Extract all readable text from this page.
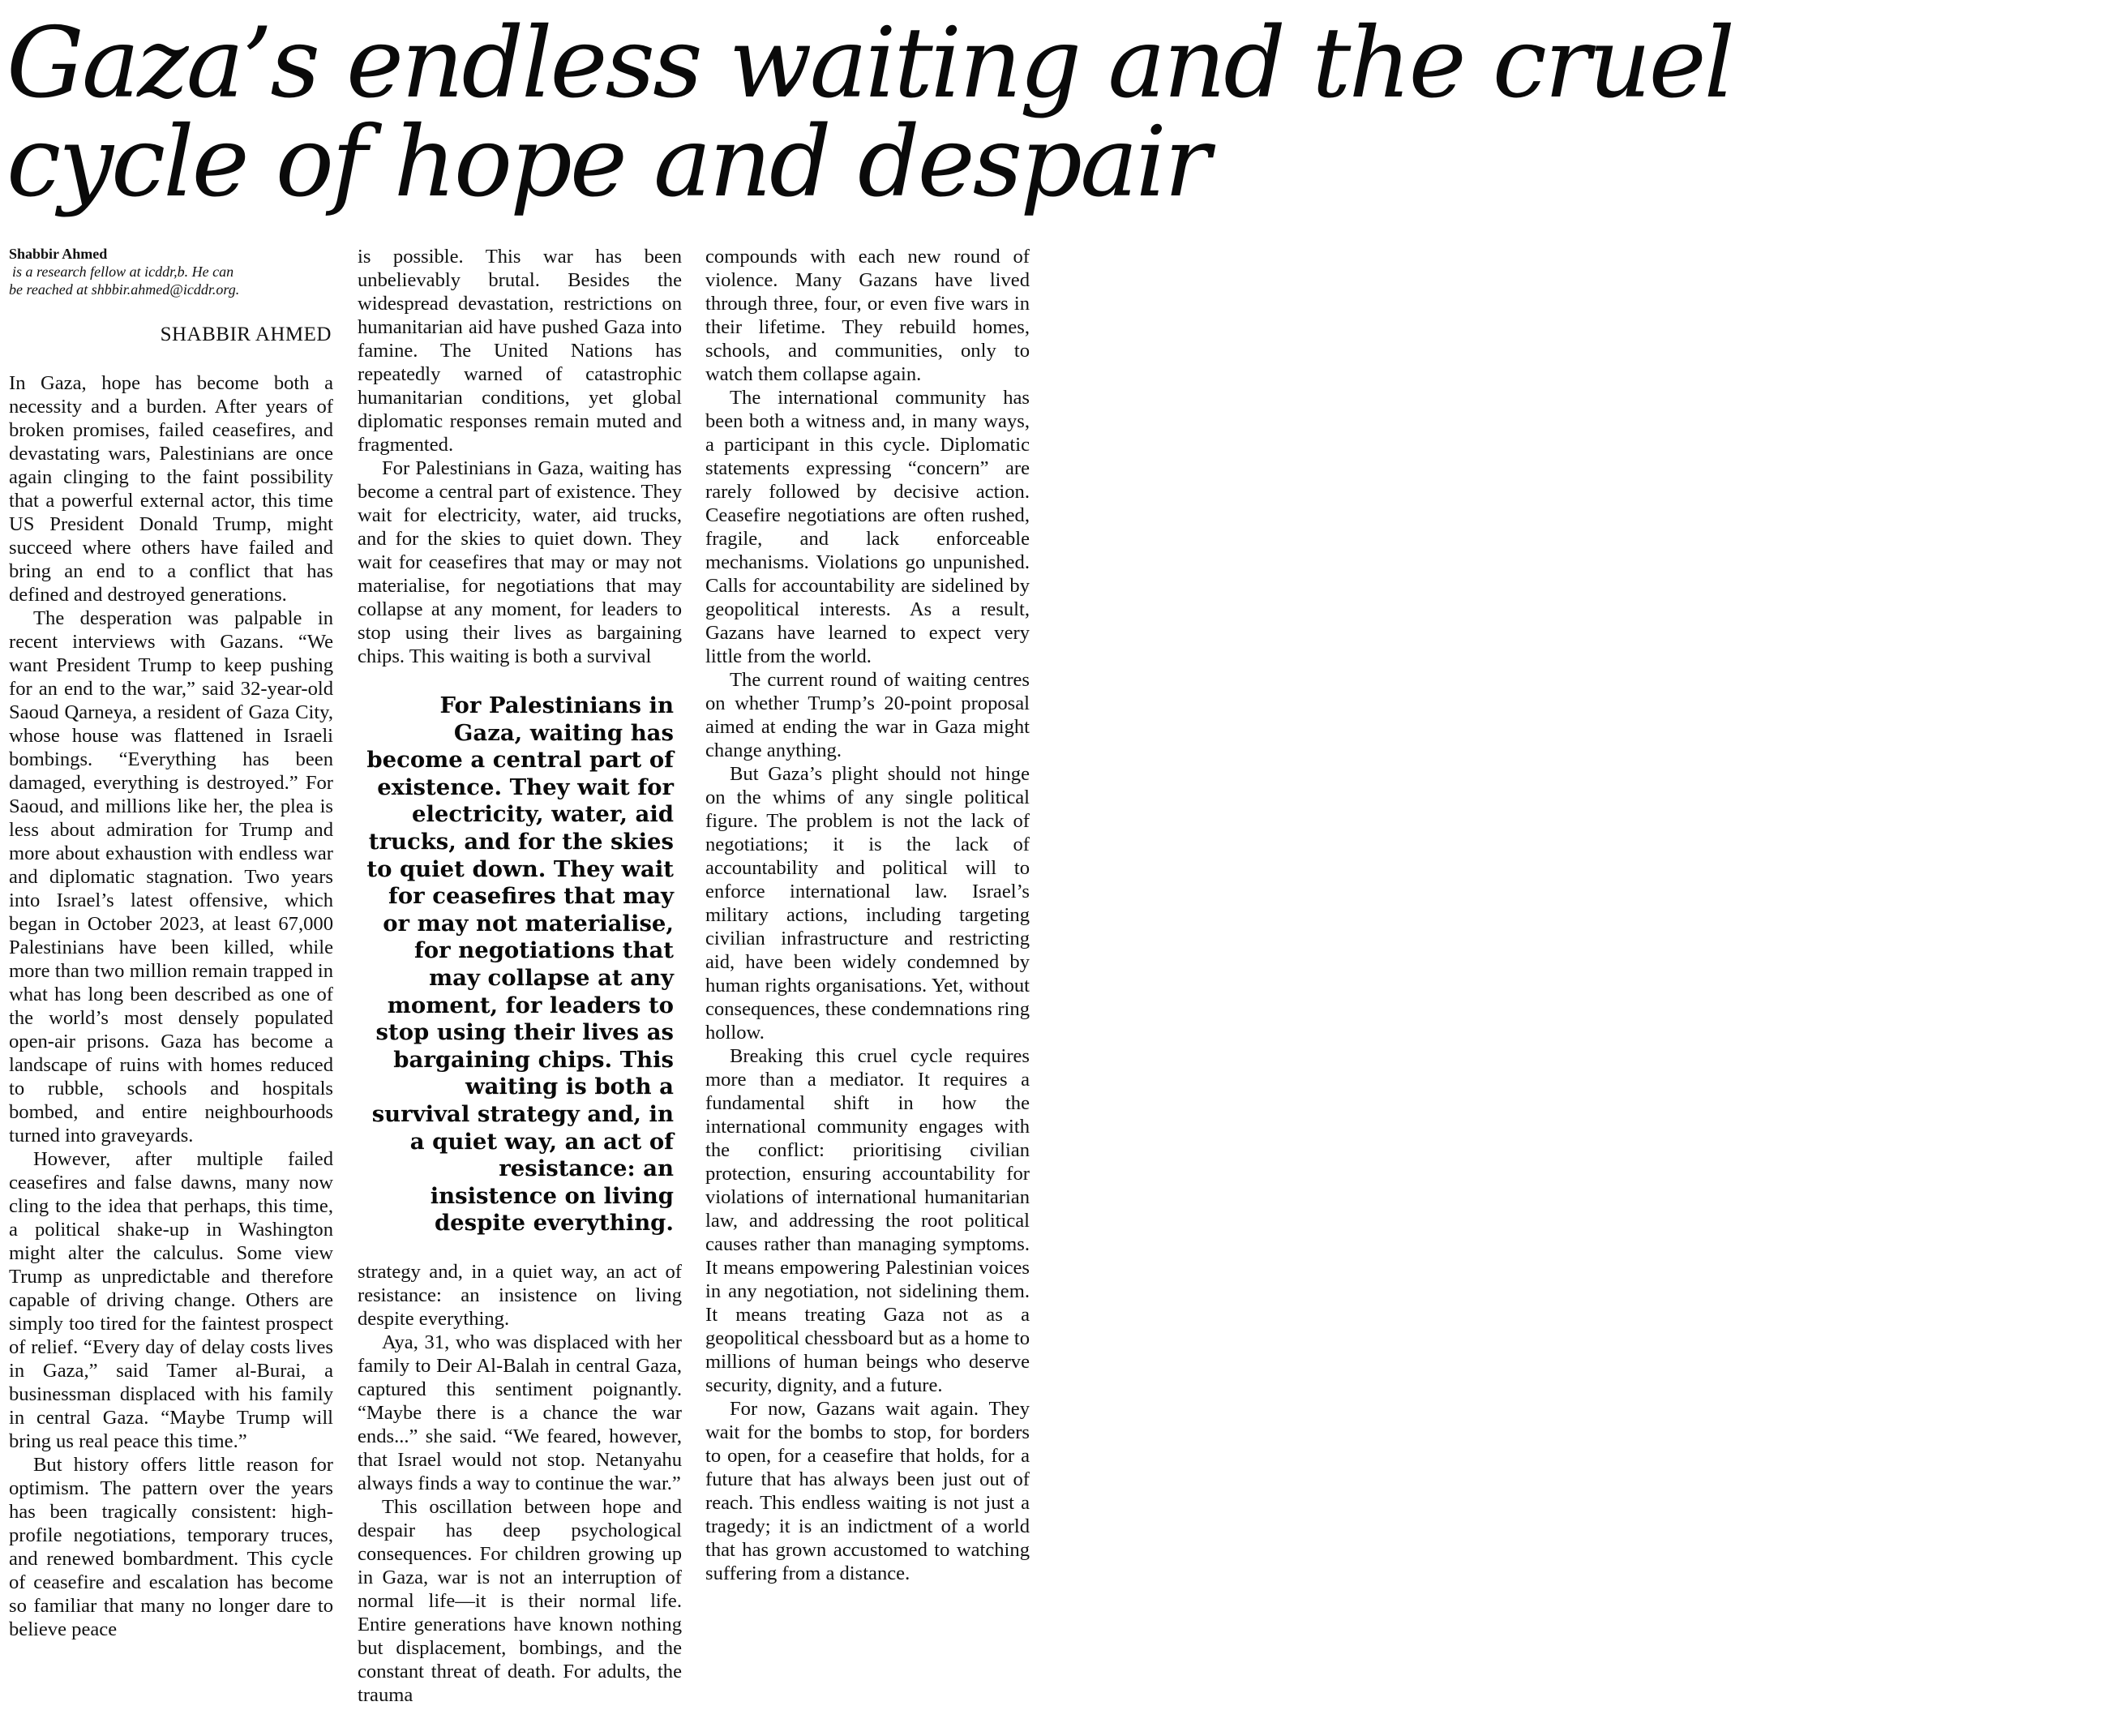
Gaza’s endless waiting and the cruel cycle of hope and despair
Shabbir Ahmed
is a research fellow at icddr,b. He can
be reached at shbbir.ahmed@icddr.org.
SHABBIR AHMED

In Gaza, hope has become both a necessity and a burden. After years of broken promises, failed ceasefires, and devastating wars, Palestinians are once again clinging to the faint possibility that a powerful external actor, this time US President Donald Trump, might succeed where others have failed and bring an end to a conflict that has defined and destroyed generations.

The desperation was palpable in recent interviews with Gazans. “We want President Trump to keep pushing for an end to the war,” said 32-year-old Saoud Qarneya, a resident of Gaza City, whose house was flattened in Israeli bombings. “Everything has been damaged, everything is destroyed.” For Saoud, and millions like her, the plea is less about admiration for Trump and more about exhaustion with endless war and diplomatic stagnation. Two years into Israel’s latest offensive, which began in October 2023, at least 67,000 Palestinians have been killed, while more than two million remain trapped in what has long been described as one of the world’s most densely populated open-air prisons. Gaza has become a landscape of ruins with homes reduced to rubble, schools and hospitals bombed, and entire neighbourhoods turned into graveyards.

However, after multiple failed ceasefires and false dawns, many now cling to the idea that perhaps, this time, a political shake-up in Washington might alter the calculus. Some view Trump as unpredictable and therefore capable of driving change. Others are simply too tired for the faintest prospect of relief. “Every day of delay costs lives in Gaza,” said Tamer al-Burai, a businessman displaced with his family in central Gaza. “Maybe Trump will bring us real peace this time.”

But history offers little reason for optimism. The pattern over the years has been tragically consistent: high-profile negotiations, temporary truces, and renewed bombardment. This cycle of ceasefire and escalation has become so familiar that many no longer dare to believe peace

is possible. This war has been unbelievably brutal. Besides the widespread devastation, restrictions on humanitarian aid have pushed Gaza into famine. The United Nations has repeatedly warned of catastrophic humanitarian conditions, yet global diplomatic responses remain muted and fragmented.

For Palestinians in Gaza, waiting has become a central part of existence. They wait for electricity, water, aid trucks, and for the skies to quiet down. They wait for ceasefires that may or may not materialise, for negotiations that may collapse at any moment, for leaders to stop using their lives as bargaining chips. This waiting is both a survival

For Palestinians in Gaza, waiting has become a central part of existence. They wait for electricity, water, aid trucks, and for the skies to quiet down. They wait for ceasefires that may or may not materialise, for negotiations that may collapse at any moment, for leaders to stop using their lives as bargaining chips. This waiting is both a survival strategy and, in a quiet way, an act of resistance: an insistence on living despite everything.

strategy and, in a quiet way, an act of resistance: an insistence on living despite everything.

Aya, 31, who was displaced with her family to Deir Al-Balah in central Gaza, captured this sentiment poignantly. “Maybe there is a chance the war ends...” she said. “We feared, however, that Israel would not stop. Netanyahu always finds a way to continue the war.”

This oscillation between hope and despair has deep psychological consequences. For children growing up in Gaza, war is not an interruption of normal life—it is their normal life. Entire generations have known nothing but displacement, bombings, and the constant threat of death. For adults, the trauma

compounds with each new round of violence. Many Gazans have lived through three, four, or even five wars in their lifetime. They rebuild homes, schools, and communities, only to watch them collapse again.

The international community has been both a witness and, in many ways, a participant in this cycle. Diplomatic statements expressing “concern” are rarely followed by decisive action. Ceasefire negotiations are often rushed, fragile, and lack enforceable mechanisms. Violations go unpunished. Calls for accountability are sidelined by geopolitical interests. As a result, Gazans have learned to expect very little from the world.

The current round of waiting centres on whether Trump’s 20-point proposal aimed at ending the war in Gaza might change anything.

But Gaza’s plight should not hinge on the whims of any single political figure. The problem is not the lack of negotiations; it is the lack of accountability and political will to enforce international law. Israel’s military actions, including targeting civilian infrastructure and restricting aid, have been widely condemned by human rights organisations. Yet, without consequences, these condemnations ring hollow.

Breaking this cruel cycle requires more than a mediator. It requires a fundamental shift in how the international community engages with the conflict: prioritising civilian protection, ensuring accountability for violations of international humanitarian law, and addressing the root political causes rather than managing symptoms. It means empowering Palestinian voices in any negotiation, not sidelining them. It means treating Gaza not as a geopolitical chessboard but as a home to millions of human beings who deserve security, dignity, and a future.

For now, Gazans wait again. They wait for the bombs to stop, for borders to open, for a ceasefire that holds, for a future that has always been just out of reach. This endless waiting is not just a tragedy; it is an indictment of a world that has grown accustomed to watching suffering from a distance.
